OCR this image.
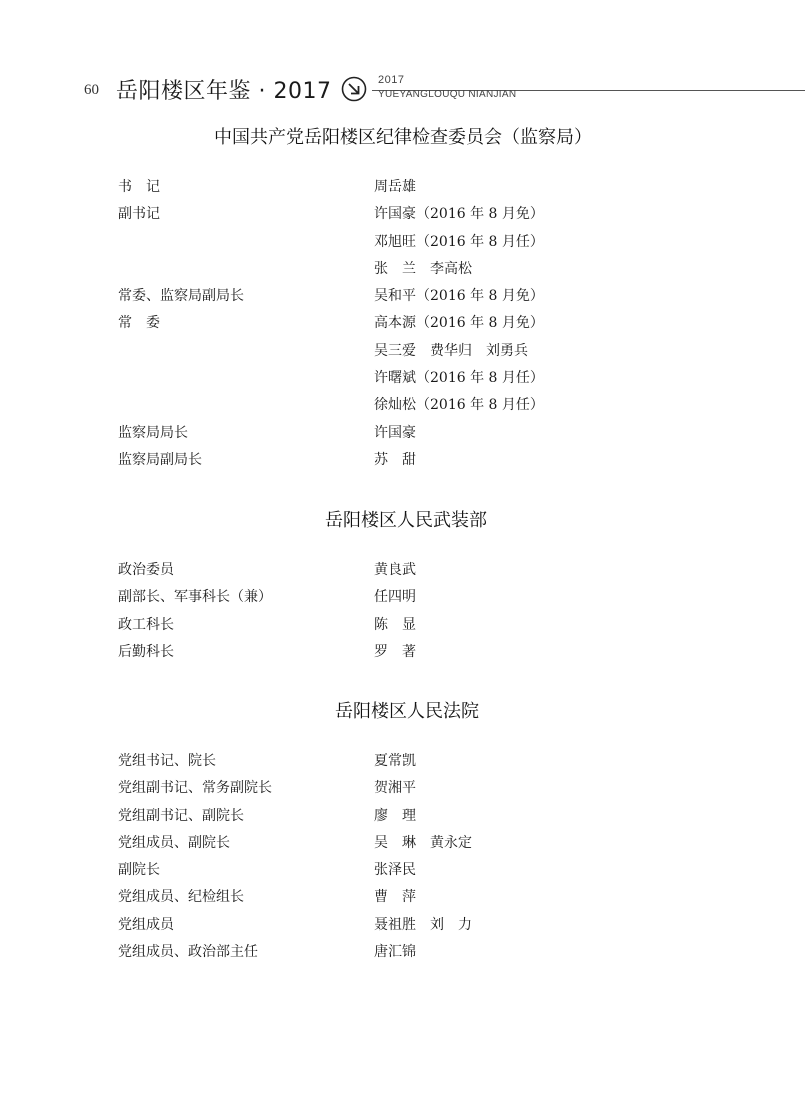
60 岳阳楼区年鉴 · 2017	2017
YUEYANGLOUQU NIANJIAN
中国共产党岳阳楼区纪律检查委员会（监察局）
书　记	周岳雄
副书记	许国豪（2016 年 8 月免）
邓旭旺（2016 年 8 月任）
张　兰　李高松
常委、监察局副局长	吴和平（2016 年 8 月免）
常　委	高本源（2016 年 8 月免）
吴三爱　费华归　刘勇兵
许曙斌（2016 年 8 月任）
徐灿松（2016 年 8 月任）
监察局局长	许国豪
监察局副局长	苏　甜
岳阳楼区人民武装部
政治委员	黄良武
副部长、军事科长（兼）	任四明
政工科长	陈　显
后勤科长	罗　著
岳阳楼区人民法院
党组书记、院长	夏常凯
党组副书记、常务副院长	贺湘平
党组副书记、副院长	廖　理
党组成员、副院长	吴　琳　黄永定
副院长	张泽民
党组成员、纪检组长	曹　萍
党组成员	聂祖胜　刘　力
党组成员、政治部主任	唐汇锦
